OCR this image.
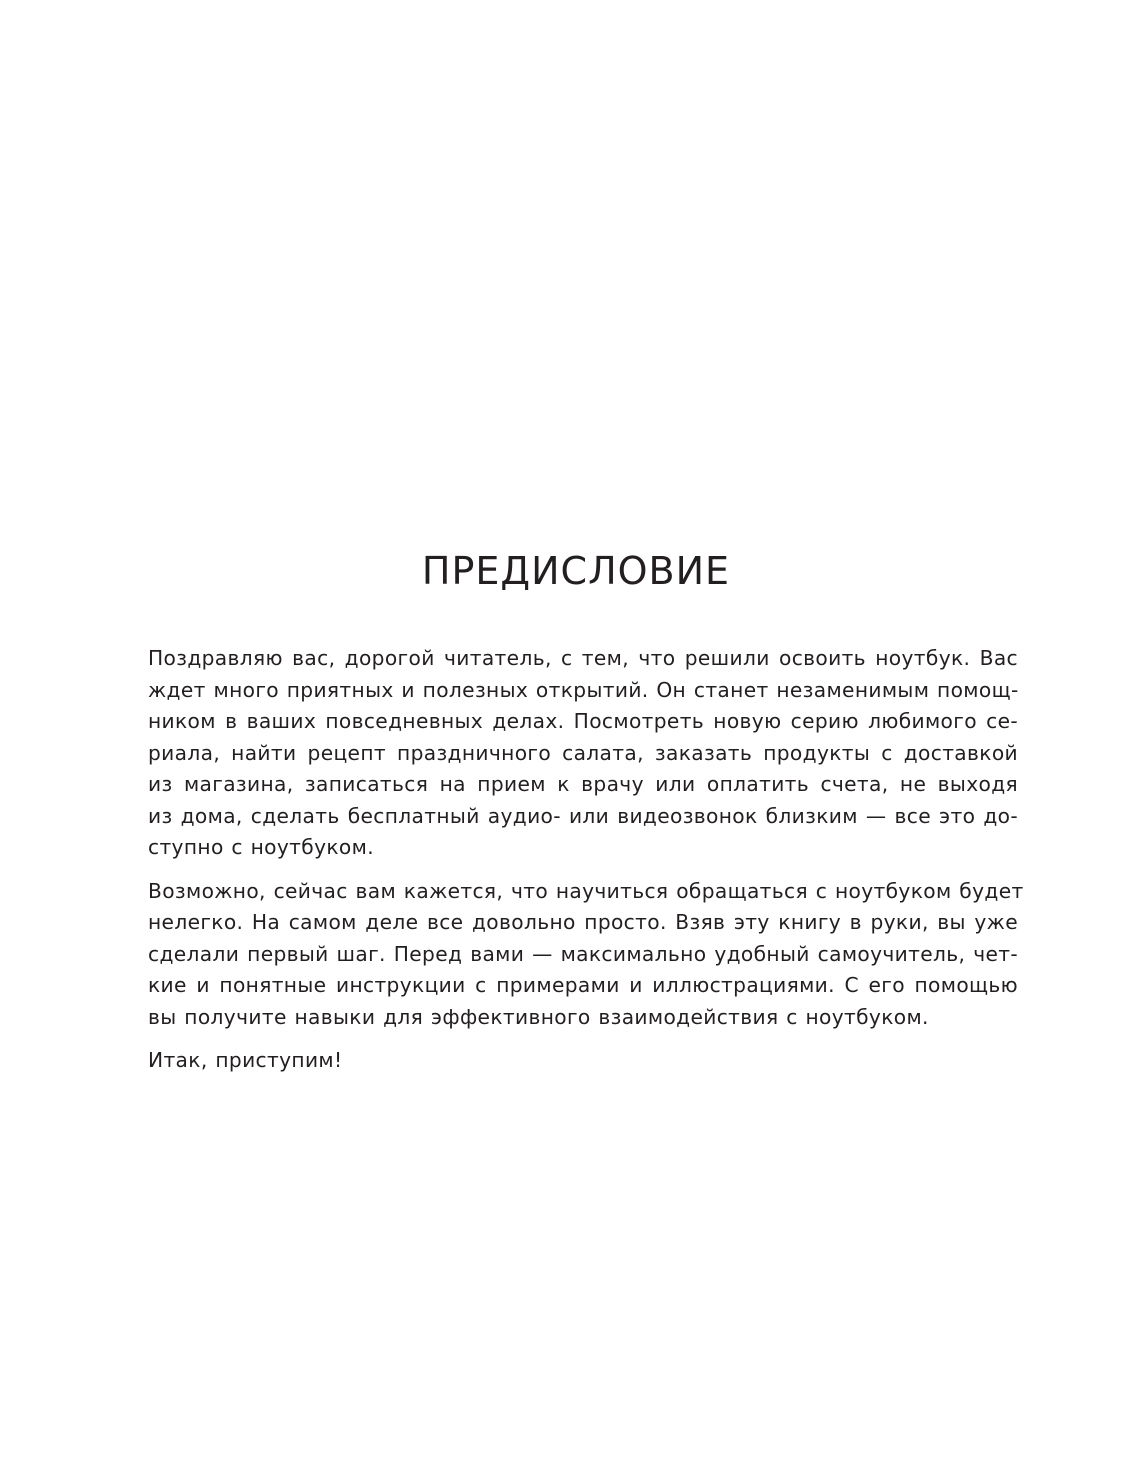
ПРЕДИСЛОВИЕ
Поздравляю вас, дорогой читатель, с тем, что решили освоить ноутбук. Вас
ждет много приятных и полезных открытий. Он станет незаменимым помощ-
ником в ваших повседневных делах. Посмотреть новую серию любимого се-
риала, найти рецепт праздничного салата, заказать продукты с доставкой
из магазина, записаться на прием к врачу или оплатить счета, не выходя
из дома, сделать бесплатный аудио- или видеозвонок близким — все это до-
ступно с ноутбуком.
Возможно, сейчас вам кажется, что научиться обращаться с ноутбуком будет
нелегко. На самом деле все довольно просто. Взяв эту книгу в руки, вы уже
сделали первый шаг. Перед вами — максимально удобный самоучитель, чет-
кие и понятные инструкции с примерами и иллюстрациями. С его помощью
вы получите навыки для эффективного взаимодействия с ноутбуком.
Итак, приступим!
